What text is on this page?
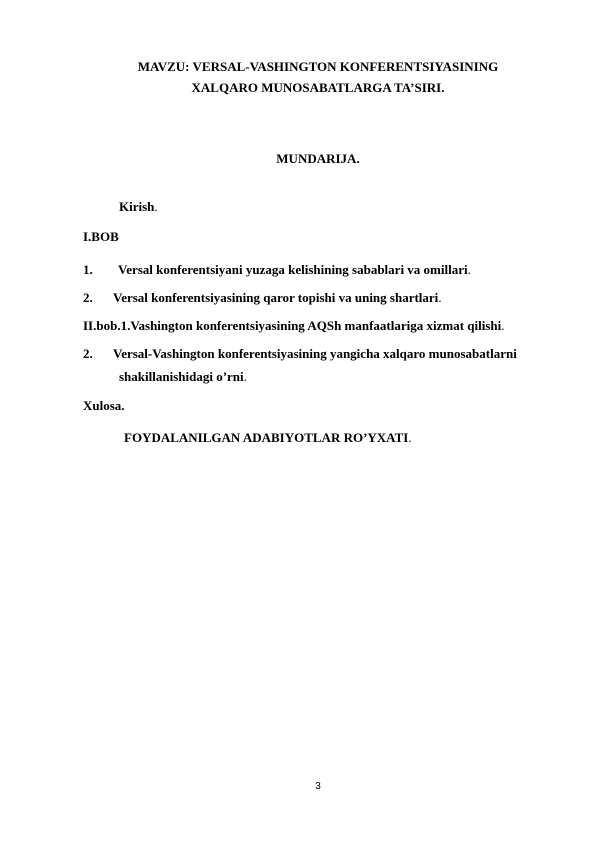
MAVZU: VERSAL-VASHINGTON KONFERENTSIYASINING
XALQARO MUNOSABATLARGA TA’SIRI.
MUNDARIJA.
Kirish.
I.BOB
1. Versal konferentsiyani yuzaga kelishining sabablari va omillari.
2. Versal konferentsiyasining qaror topishi va uning shartlari.
II.bob.1.Vashington konferentsiyasining AQSh manfaatlariga xizmat qilishi.
2. Versal-Vashington konferentsiyasining yangicha xalqaro munosabatlarni
shakillanishidagi o’rni.
Xulosa.
FOYDALANILGAN ADABIYOTLAR RO’YXATI.
3
